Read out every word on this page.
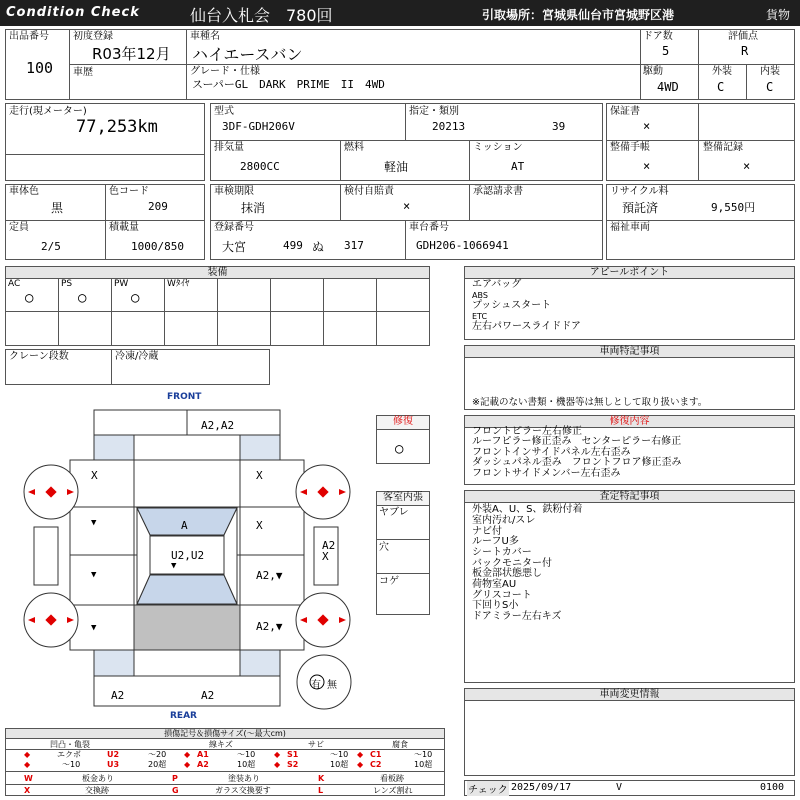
Condition Check	仙台入札会　780回	引取場所：宮城県仙台市宮城野区港	貨物
出品番号
100
初度登録
R03年12月
車歴
車種名
ハイエースバン
グレード・仕様
スーパーGL　DARK　PRIME　II　4WD
ドア数
5
駆動
4WD
評価点
R
外装
C
内装
C
走行(現メーター)
77,253km
型式
3DF-GDH206V
指定・類別
20213	39
排気量
2800CC
燃料
軽油
ミッション
AT
保証書
×
整備手帳
×
整備記録
×
車体色
黒
色コード
209
定員
2/5
積載量
1000/850
車検期限
抹消
検付自賠責
×
承認請求書
登録番号
大宮	499 ぬ 317
車台番号
GDH206-1066941
リサイクル料
預託済	9,550円
福祉車両
装備
AC
○
PS
○
PW
○
Wﾀｲﾔ
クレーン段数	冷凍/冷蔵
FRONT
REAR
A2,A2
X	X
A
U2,U2
▼
X
A2,▼
A2,▼
A2
X
▼
▼
▼
A2	A2
有 無
修復
○
客室内張
ヤブレ
穴
コゲ
アピールポイント
エアバッグ
ABS
プッシュスタート
ETC
左右パワースライドドア
車両特記事項
※記載のない書類・機器等は無しとして取り扱います。
修復内容
フロントピラー左右修正
ルーフピラー修正歪み　センターピラー右修正
フロントインサイドパネル左右歪み
ダッシュパネル歪み　フロントフロア修正歪み
フロントサイドメンバー左右歪み
査定特記事項
外装A、U、S、鉄粉付着
室内汚れ/スレ
ナビ付
ルーフU多
シートカバー
バックモニター付
板金部状態悪し
荷物室AU
グリスコート
下回りS小
ドアミラー左右キズ
車両変更情報
チェック 2025/09/17	V	0100
損傷記号＆損傷サイズ(〜最大cm)
凹凸・亀裂	線キズ	サビ	腐食
◆	エクボ	U2	〜20 ◆ A1	〜10 ◆ S1	〜10 ◆ C1	〜10
◆	〜10	U3	20超 ◆ A2	10超 ◆ S2	10超 ◆ C2	10超
W	板金あり	P	塗装あり	K	看板跡
X	交換跡	G	ガラス交換要す	L	レンズ割れ
